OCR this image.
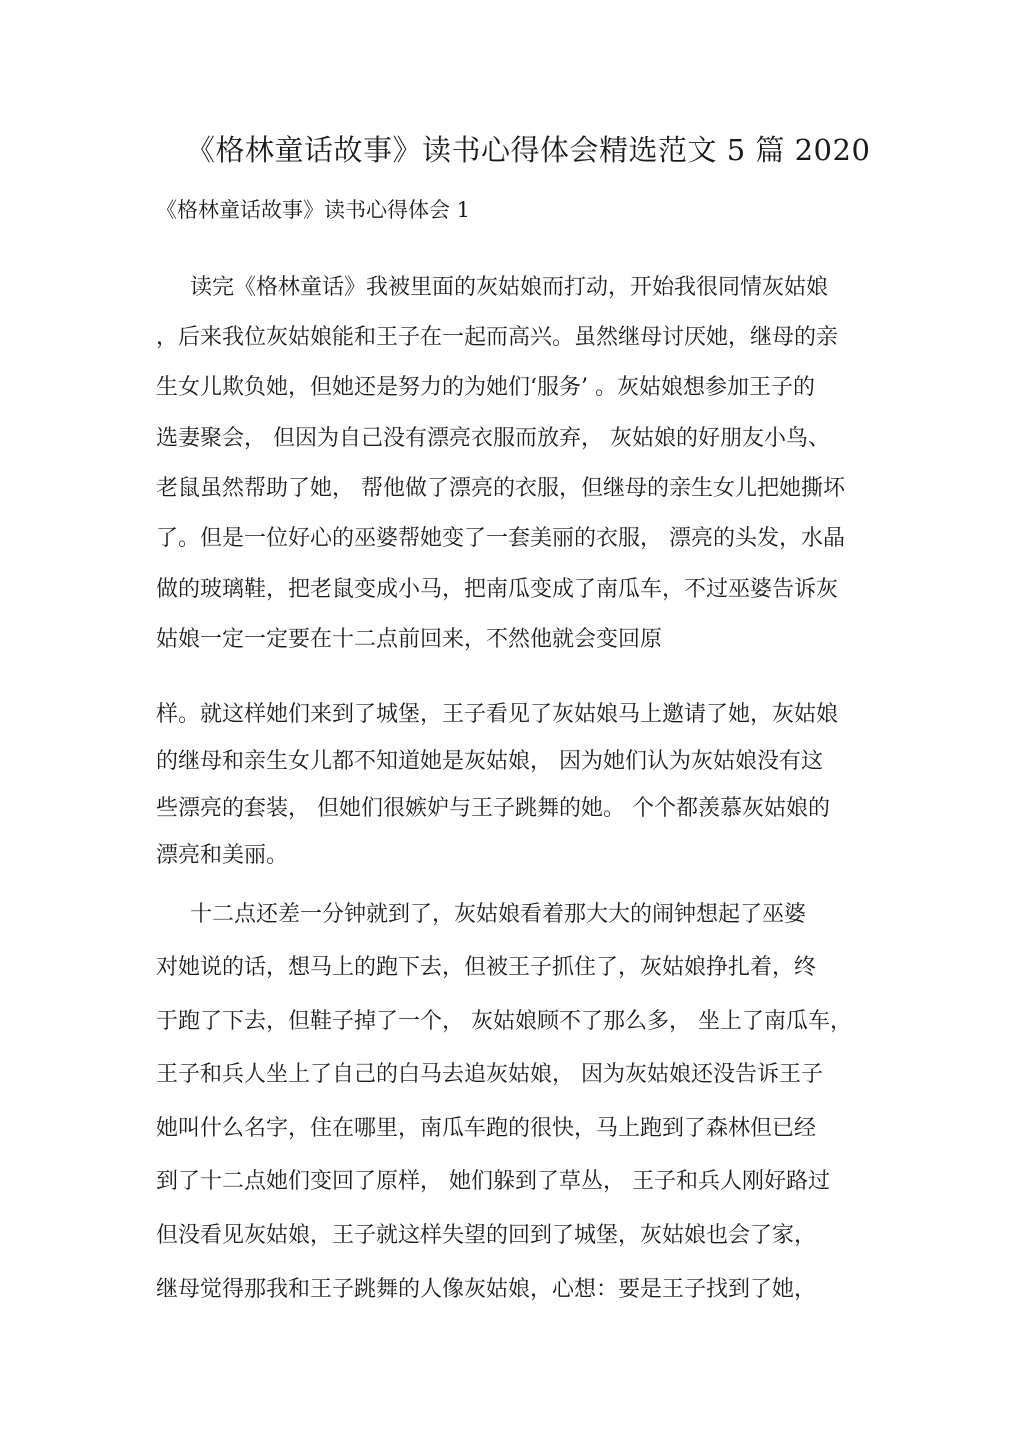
《格林童话故事》读书心得体会精选范文 5 篇 2020
《格林童话故事》读书心得体会 1
读完《格林童话》我被里面的灰姑娘而打动，开始我很同情灰姑娘
，后来我位灰姑娘能和王子在一起而高兴。虽然继母讨厌她，继母的亲
生女儿欺负她，但她还是努力的为她们‘服务’ 。灰姑娘想参加王子的
选妻聚会， 但因为自己没有漂亮衣服而放弃， 灰姑娘的好朋友小鸟、
老鼠虽然帮助了她， 帮他做了漂亮的衣服，但继母的亲生女儿把她撕坏
了。但是一位好心的巫婆帮她变了一套美丽的衣服， 漂亮的头发，水晶
做的玻璃鞋，把老鼠变成小马，把南瓜变成了南瓜车，不过巫婆告诉灰
姑娘一定一定要在十二点前回来，不然他就会变回原
样。就这样她们来到了城堡，王子看见了灰姑娘马上邀请了她，灰姑娘
的继母和亲生女儿都不知道她是灰姑娘， 因为她们认为灰姑娘没有这
些漂亮的套装， 但她们很嫉妒与王子跳舞的她。 个个都羡慕灰姑娘的
漂亮和美丽。
十二点还差一分钟就到了，灰姑娘看着那大大的闹钟想起了巫婆
对她说的话，想马上的跑下去，但被王子抓住了，灰姑娘挣扎着，终
于跑了下去，但鞋子掉了一个， 灰姑娘顾不了那么多， 坐上了南瓜车，
王子和兵人坐上了自己的白马去追灰姑娘， 因为灰姑娘还没告诉王子
她叫什么名字，住在哪里，南瓜车跑的很快，马上跑到了森林但已经
到了十二点她们变回了原样， 她们躲到了草丛， 王子和兵人刚好路过
但没看见灰姑娘，王子就这样失望的回到了城堡，灰姑娘也会了家，
继母觉得那我和王子跳舞的人像灰姑娘，心想：要是王子找到了她，
